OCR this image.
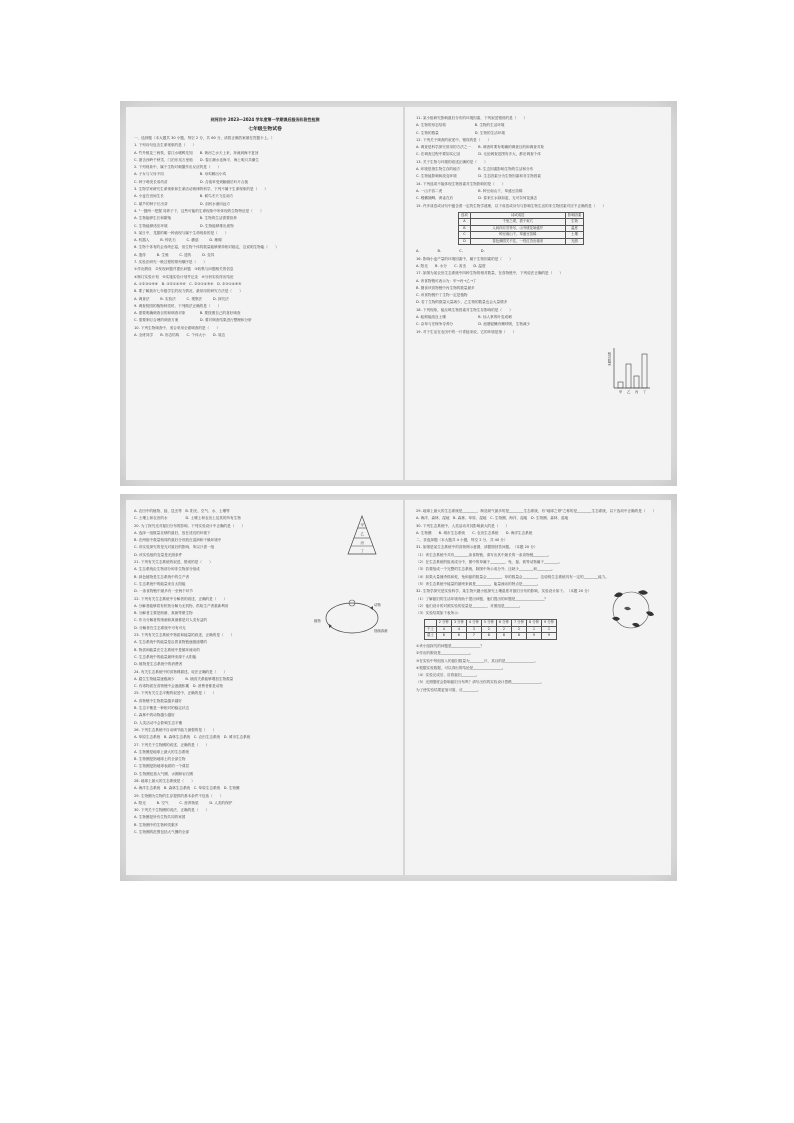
剑河四中 2023—2024 学年度第一学期课后服务阶段性检测
七年级生物试卷
一、选择题（本大题共 30 小题，每空 2 分，共 60 分，请将正确答案填在答题卡上。）
1. 下列诗句包含生命现象的是（　　）
A. 竹外桃花三两枝，春江水暖鸭先知　　B. 黄河之水天上来，奔流到海不复回
C. 窗含西岭千秋雪，门泊东吴万里船　　D. 春江潮水连海平，海上明月共潮生
2. 下列现象中，属于生物对刺激作出反应的是（　　）
A. 子女与父母不同　　　　　　　　　　B. 母鸡孵出小鸡
C. 种子萌发长成幼苗　　　　　　　　　D. 含羞草受到触碰后叶片合拢
3. 生物学家研究生命现象和生命活动规律的科学，下列不属于生命现象的是（　　）
A. 小麦在田间生长　　　　　　　　　　B. 候鸟冬天飞往南方
C. 葫芦的种子长出芽　　　　　　　　　D. 剑河水流向远方
4. "一猪两一把握 同养子下，这些可能的生命现象中所体现的生物特征是（　　）
A. 生物能够生长和繁殖　　　　　　　　B. 生物的生活需要营养
C. 生物能够适应环境　　　　　　　　　D. 生物能够排出废物
5. 某日中，龙猫的哪一种表现与属于生命现象的是（　　）
A. 机器人　　　B. 钟乳石　　　C. 蘑菇　　　D. 珊瑚
6. 生物个体有的会寿终正寝，但生物个体的数量能够保持相对稳定，这说明生物能（　　）
A. 遗传　　　B. 生殖　　　C. 遗传　　　D. 变异
7. 实验法研究一般过程的排列顺序是（　　）
①作出假设　②发现问题并提出问题　③收集与问题相关的信息
④制订实验计划　⑤实施实验计划并记录　⑥分析实验得出结论
A. ①②③④⑤⑥　B. ③②①④⑤⑥　C. ②③①④⑤⑥　D. ②③①④⑥⑤
8. 要了解我市七年级学生的视力情况，最常用的研究方法是（　　）
A. 调查法　　　B. 实验法　　　C. 观察法　　　D. 探究法
9. 调查校园的植物种类时，下列做法正确的是（　　）
A. 需要明确调查目的和调查对象　　　　B. 要按照自己的喜好调查
C. 需要制订合理的调查方案　　　　　　D. 要对调查结果进行整理和分析
10. 下列生物调查中，适合采用全面调查的是（　　）
A. 全班同学　　B. 形态结构　　C. 个体大小　　D. 周边
11. 某小组研究影响鼠妇分布的环境因素，下列叙述错误的是（　　）
A. 生物的形态结构　　　　　　　　B. 生物的生活环境
C. 生物的数量　　　　　　　　　　D. 生物的生活环境
12. 下列关于调查的叙述中，错误的是（　　）
A. 调查是科学探究常用的方法之一　　B. 调查时要有明确的调查目的和调查对象
C. 在调查过程中要如实记录　　　　　D. 无论调查范围有多大，都应调查个体
13. 关于生物与环境的叙述正确的是（　　）
A. 环境是指生物生存的地方　　　　　B. 生态因素影响生物的生活和分布
C. 生物能影响和改变环境　　　　　　D. 生态因素分为生物因素和非生物因素
14. 下列选项不能体现生物因素对生物影响的是（　　）
A. 一山不容二虎　　　　　　　　　　B. 种豆南山下，草盛豆苗稀
C. 螳螂捕蝉，黄雀在后　　　　　　　D. 春来江水绿如蓝，无可奈何花落去
15. 许多成语或诗句中蕴含着一定的生物学道理，以下成语或诗句与影响生物生活的非生物因素对应不正确的是（　　）
选项	诗或成语	影响因素
A	千里之堤，溃于蚁穴	生物
B	人间四月芳菲尽，山寺桃花始盛开	温度
C	种豆南山下，草盛豆苗稀	土壤
D	春色满园关不住，一枝红杏出墙来	光照
A.　　　　　B.　　　　　C.　　　　　D.
16. 影响小麦产量的环境因素中，属于生物因素的是（　　）
A. 阳光　　B. 水分　　C. 害虫　　D. 温度
17. 如图为某农田生态系统中四种生物的相对数量，在食物链中，下列说法正确的是（　　）
A. 该食物链可表示为：甲→丙→乙→丁
B. 摄食该食物链中丙生物的数量最多
C. 该食物链中丁生物一定是植物
D. 若丁生物的数量大量减少，乙生物的数量也会大量增多
18. 下列现象，能反映生物因素对生物生存影响的是（　　）
A. 蚯蚓能改良土壤　　　　　　　　　B. 仙人掌的叶变成刺
C. 杂草与庄稼争夺养分　　　　　　　D. 池塘泥鳅有鳃呼吸，生物减少
19. 对于生活在农田中的一只青蛙来说，它的环境是指（　　）
相对数量
甲 乙 丙 丁
A. 农田中的植物、蛙、昆虫等　B. 阳光、空气、水、土壤等
C. 土壤上和农田的水　　　　　D. 土壤上和农田上及其的所有生物
20. 为了探究光对鼠妇分布的影响，下列实验设计中正确的是（　　）
A. 选择一组数量足够的鼠妇，放在适宜的环境下
B. 在两组中数量相同的鼠妇分别放在湿润和干燥环境中
C. 该实验探究的是光对鼠妇的影响，所以只需一组
D. 该实验组的变量是光照条件
21. 下列有关生态系统的叙述，错误的是（　　）
A. 生态系统由生物部分和非生物部分组成
B. 绿色植物是生态系统中的生产者
C. 生态系统中的能量来自太阳能
D. 一条食物链中最多有一至两个环节
22. 下列有关生态系统中分解者的叙述，正确的是（　　）
A. 分解者能够将有机物分解为无机物，供给生产者重新利用
B. 分解者主要是细菌、真菌等微生物
C. 作为分解者的细菌和真菌都是对人类有益的
D. 分解者在生态系统中可有可无
23. 下列有关生态系统中物质和能量的叙述，正确的是（　　）
A. 生态系统中的能量是沿着食物链逐级递增的
B. 物质和能量在生态系统中是循环流动的
C. 生态系统中的能量最终来源于太阳能
D. 植物是生态系统中的消费者
24. 有关生态系统中的食物网描述，说法正确的是（　　）
A. 腐生生物能量逐级减少　　　B. 捕食关系能够增加生物数量
C. 有毒物质在食物链中会逐级积累　D. 消费者都是动物
25. 下列有关生态平衡的叙述中，正确的是（　　）
A. 食物链中生物数量越多越好
B. 生态平衡是一种相对的稳定状态
C. 森林中的动物越少越好
D. 人类活动不会影响生态平衡
26. 下列生态系统中自动调节能力最强的是（　　）
A. 草原生态系统　B. 森林生态系统　C. 农田生态系统　D. 城市生态系统
27. 下列关于生物圈的叙述，正确的是（　　）
A. 生物圈是地球上最大的生态系统
B. 生物圈是指地球上的全部生物
C. 生物圈是指地球表面的一个薄层
D. 生物圈包括大气圈、水圈和岩石圈
28. 地球上最大的生态系统是（　　）
A. 海洋生态系统　B. 森林生态系统　C. 草原生态系统　D. 生物圈
29. 生物圈为生物的生存提供的基本条件不包括（　　）
A. 阳光　　　B. 空气　　　C. 营养物质　　　D. 人类的保护
30. 下列关于生物圈的说法，正确的是（　　）
A. 生物圈是所有生物共同的家园
B. 生物圈中的生物种类繁多
C. 生物圈的范围包括大气圈的全部
29. 地球上最大的生态系统是________，制造氧气最多的是________生态系统，有"地球之肾"之称的是________生态系统，以下选项中正确的是（　　）
A. 海洋、森林、湿地　B. 森林、草原、湿地　C. 生物圈、海洋、湿地　D. 生物圈、森林、湿地
30. 下列生态系统中，人类活动对其影响最大的是（　　）
A. 生物圈　　B. 城市生态系统　　C. 农田生态系统　　D. 海洋生态系统
二、非选择题（本大题共 4 小题，每空 2 分，共 40 分）
31. 如图是某生态系统中的食物网示意图，请据图回答问题。（本题 20 分）
（1）该生态系统中共有________条食物链，请写出其中最长的一条食物链________。
（2）在生态系统的组成成分中，图中的草属于________，兔、鼠、狐等动物属于________。
（3）若要组成一个完整的生态系统，除图中所示成分外，还缺少________和________。
（4）如果大量捕杀狐和蛇，兔和鼠的数量会________，草的数量会________，这说明生态系统具有一定的________能力。
（5）该生态系统中能量的最终来源是________，能量流动的特点是________。
32. 生物学探究是实验科学，某生物兴趣小组探究土壤湿度对鼠妇分布的影响，实验设计如下。（本题 20 分）
（1）了解鼠妇的生活环境有助于提出问题，他们提出的问题是________________？
（2）他们设计的对照实验的变量是________，对照组是________。
（3）实验结果如下表所示：
	2 分钟	3 分钟	4 分钟	5 分钟	6 分钟	7 分钟	8 分钟	9 分钟
干土	4	4	3	2	2	2	1	1
湿土	6	6	7	8	8	8	9	9
①该小组探究的问题是________________？
②作出的假设是________________。
③在实验中每组放入的鼠妇数量为________只，其目的是________________。
④根据实验数据，可以得出的结论是________________。
（4）实验完成后，应将鼠妇________。
（5）光照强度会影响鼠妇分布吗？请写出你的实验设计思路________________。
为了使实验结果更加可靠，应________。
甲
乙
丙
丁
植物
动物
细菌真菌
